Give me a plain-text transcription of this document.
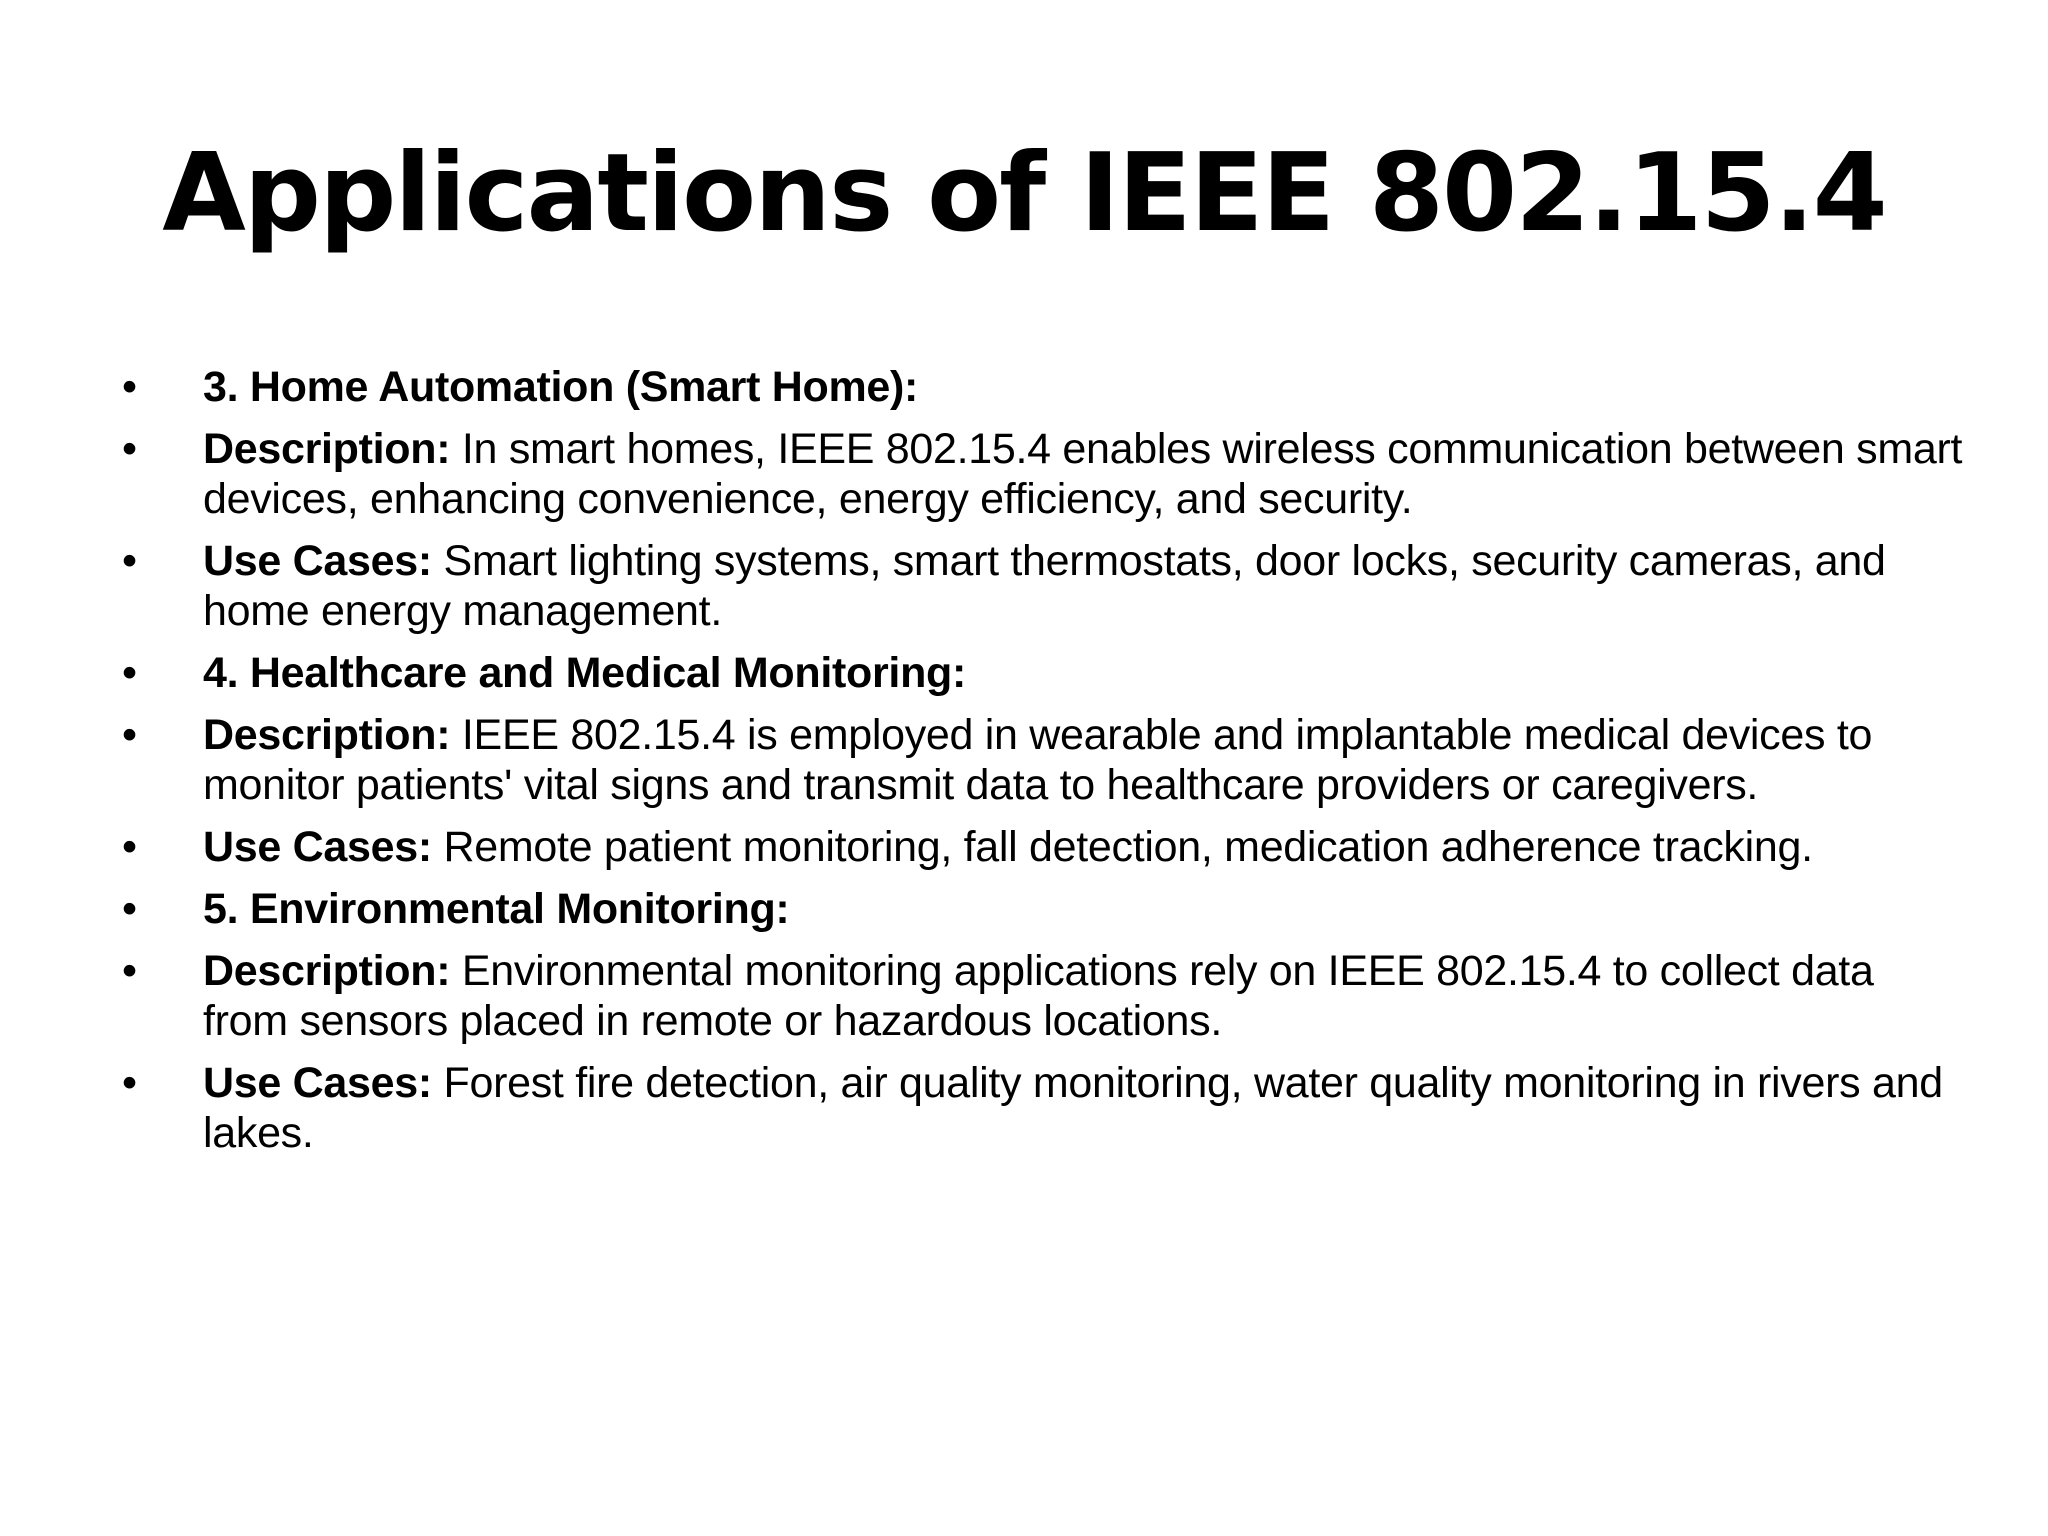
Applications of IEEE 802.15.4
• 3. Home Automation (Smart Home):
• Description: In smart homes, IEEE 802.15.4 enables wireless communication between smart devices, enhancing convenience, energy efficiency, and security.
• Use Cases: Smart lighting systems, smart thermostats, door locks, security cameras, and home energy management.
• 4. Healthcare and Medical Monitoring:
• Description: IEEE 802.15.4 is employed in wearable and implantable medical devices to monitor patients' vital signs and transmit data to healthcare providers or caregivers.
• Use Cases: Remote patient monitoring, fall detection, medication adherence tracking.
• 5. Environmental Monitoring:
• Description: Environmental monitoring applications rely on IEEE 802.15.4 to collect data from sensors placed in remote or hazardous locations.
• Use Cases: Forest fire detection, air quality monitoring, water quality monitoring in rivers and lakes.
